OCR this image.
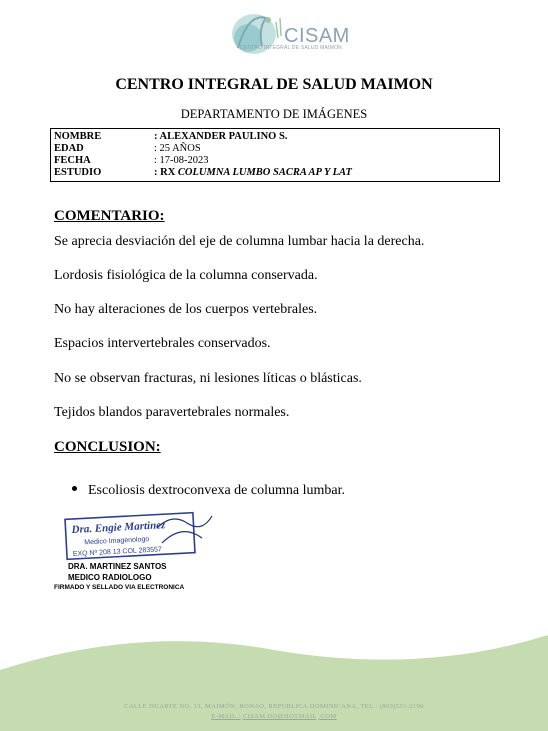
CISAM
CENTRO INTEGRAL DE SALUD MAIMON
CENTRO INTEGRAL DE SALUD MAIMON
DEPARTAMENTO DE IMÁGENES
NOMBRE	: ALEXANDER PAULINO S.
EDAD	: 25 AÑOS
FECHA	: 17-08-2023
ESTUDIO	: RX COLUMNA LUMBO SACRA AP Y LAT
COMENTARIO:
Se aprecia desviación del eje de columna lumbar hacia la derecha.
Lordosis fisiológica de la columna conservada.
No hay alteraciones de los cuerpos vertebrales.
Espacios intervertebrales conservados.
No se observan fracturas, ni lesiones líticas o blásticas.
Tejidos blandos paravertebrales normales.
CONCLUSION:
Escoliosis dextroconvexa de columna lumbar.
Dra. Engie Martinez
Medico Imagenologo
EXQ Nº 208 13 COL 283557
DRA. MARTINEZ SANTOS
MEDICO RADIOLOGO
FIRMADO Y SELLADO VIA ELECTRONICA
CALLE DUARTE NO. 13, MAIMÓN, BONAO, REPUBLICA DOMINICANA, TEL.: (809)551-2196
E-MAIL.: CISAM.DO@HOTMAIL .COM
